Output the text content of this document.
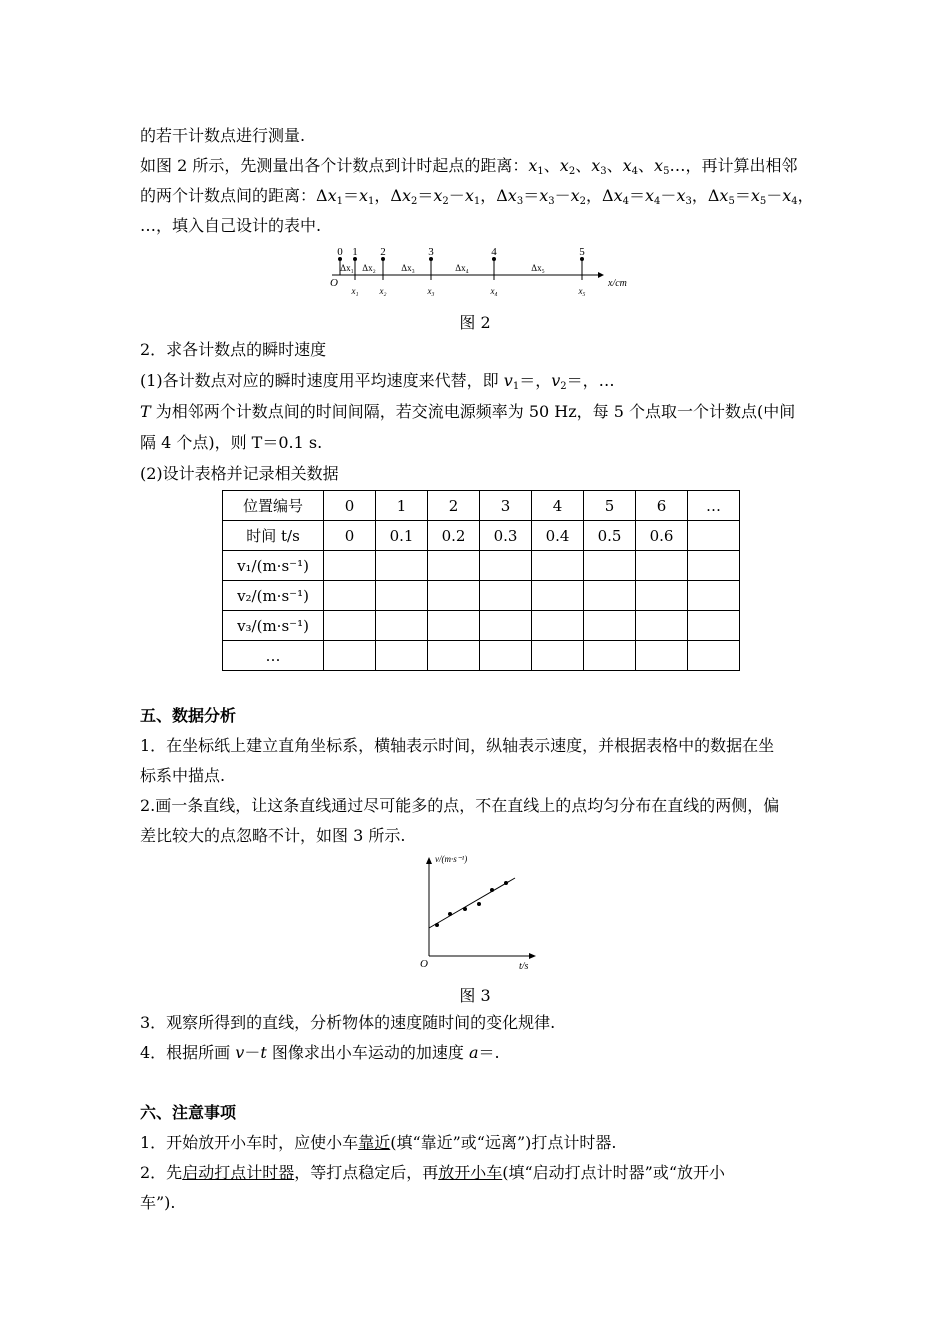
的若干计数点进行测量.
如图 2 所示，先测量出各个计数点到计时起点的距离：$x_1$、$x_2$、$x_3$、$x_4$、$x_5\dots$，再计算出相邻
的两个计数点间的距离：$\Delta x_1=x_1$，$\Delta x_2=x_2-x_1$，$\Delta x_3=x_3-x_2$，$\Delta x_4=x_4-x_3$，$\Delta x_5=x_5-x_4$，
…，填入自己设计的表中.
0 1 2	3	4	5
Δx₁ Δx₂	Δx₃	Δx₄	Δx₅
O
x₁ x₂	x₃	x₄	x₅
x/cm
图 2
2．求各计数点的瞬时速度
(1)各计数点对应的瞬时速度用平均速度来代替，即 $v_1=$，$v_2=$，…
T 为相邻两个计数点间的时间间隔，若交流电源频率为 50 Hz，每 5 个点取一个计数点(中间
隔 4 个点)，则 T＝0.1 s.
(2)设计表格并记录相关数据
位置编号	0	1	2	3	4	5	6	…
时间 t/s	0	0.1	0.2	0.3	0.4	0.5	0.6	
v₁/(m·s⁻¹)								
v₂/(m·s⁻¹)								
v₃/(m·s⁻¹)								
…								
五、数据分析
1．在坐标纸上建立直角坐标系，横轴表示时间，纵轴表示速度，并根据表格中的数据在坐
标系中描点.
2.画一条直线，让这条直线通过尽可能多的点，不在直线上的点均匀分布在直线的两侧，偏
差比较大的点忽略不计，如图 3 所示.
v/(m·s⁻¹)
t/s
O
图 3
3．观察所得到的直线，分析物体的速度随时间的变化规律.
4．根据所画 v－t 图像求出小车运动的加速度 a＝.
六、注意事项
1．开始放开小车时，应使小车靠近(填“靠近”或“远离”)打点计时器.
2．先启动打点计时器，等打点稳定后，再放开小车(填“启动打点计时器”或“放开小
车”).
